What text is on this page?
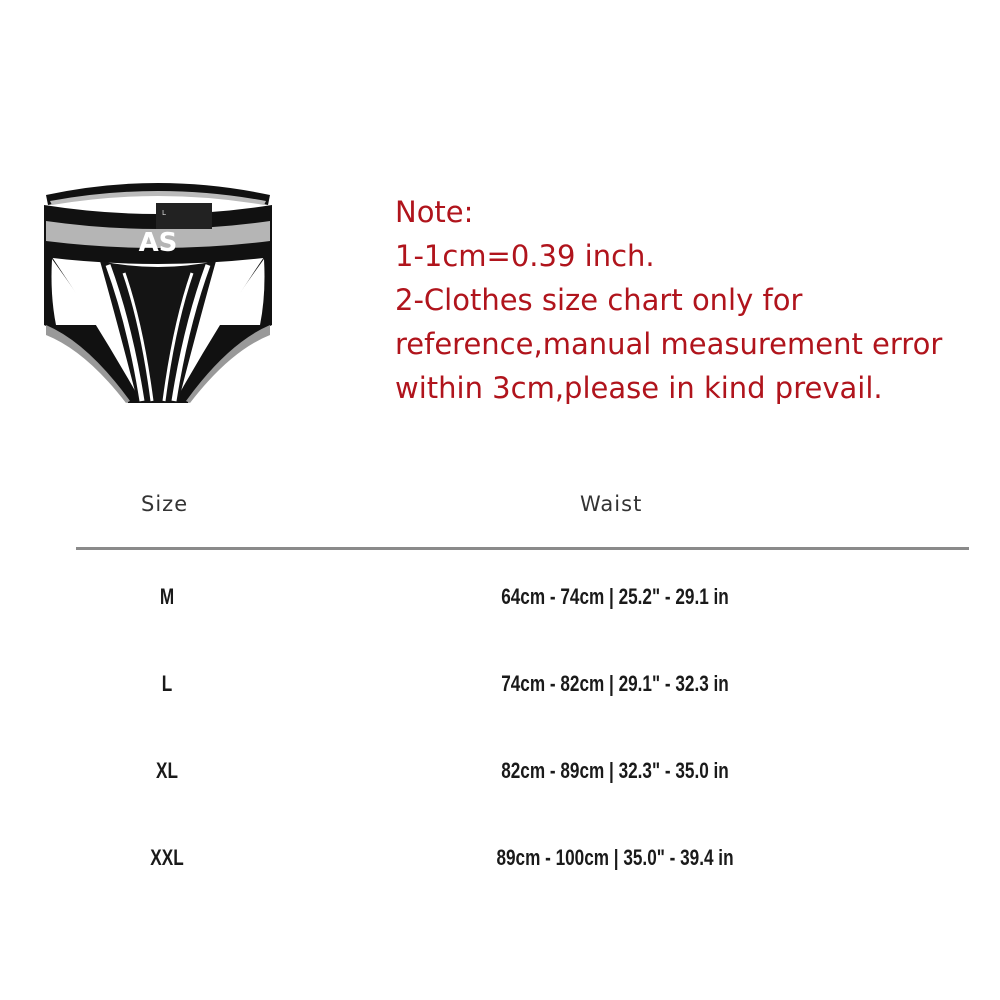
L
AS
Note:
1-1cm=0.39 inch.
2-Clothes size chart only for
reference,manual measurement error
within 3cm,please in kind prevail.
Size	Waist
M	64cm - 74cm | 25.2" - 29.1 in
L	74cm - 82cm | 29.1" - 32.3 in
XL	82cm - 89cm | 32.3" - 35.0 in
XXL	89cm - 100cm | 35.0" - 39.4 in
